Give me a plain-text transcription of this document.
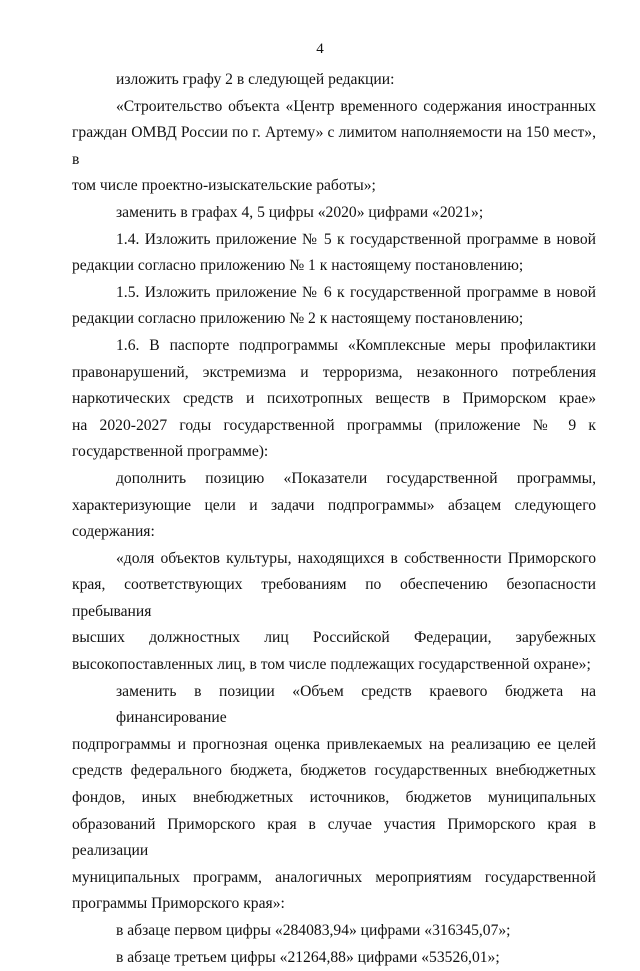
4

изложить графу 2 в следующей редакции:

«Строительство объекта «Центр временного содержания иностранных
граждан ОМВД России по г. Артему» с лимитом наполняемости на 150 мест», в
том числе проектно-изыскательские работы»;

заменить в графах 4, 5 цифры «2020» цифрами «2021»;

1.4. Изложить приложение № 5 к государственной программе в новой
редакции согласно приложению № 1 к настоящему постановлению;

1.5. Изложить приложение № 6 к государственной программе в новой
редакции согласно приложению № 2 к настоящему постановлению;

1.6. В паспорте подпрограммы «Комплексные меры профилактики
правонарушений, экстремизма и терроризма, незаконного потребления
наркотических средств и психотропных веществ в Приморском крае»
на 2020-2027 годы государственной программы (приложение № 9 к
государственной программе):

дополнить позицию «Показатели государственной программы,
характеризующие цели и задачи подпрограммы» абзацем следующего
содержания:

«доля объектов культуры, находящихся в собственности Приморского
края, соответствующих требованиям по обеспечению безопасности пребывания
высших должностных лиц Российской Федерации, зарубежных
высокопоставленных лиц, в том числе подлежащих государственной охране»;

заменить в позиции «Объем средств краевого бюджета на финансирование
подпрограммы и прогнозная оценка привлекаемых на реализацию ее целей
средств федерального бюджета, бюджетов государственных внебюджетных
фондов, иных внебюджетных источников, бюджетов муниципальных
образований Приморского края в случае участия Приморского края в реализации
муниципальных программ, аналогичных мероприятиям государственной
программы Приморского края»:

в абзаце первом цифры «284083,94» цифрами «316345,07»;

в абзаце третьем цифры «21264,88» цифрами «53526,01»;
